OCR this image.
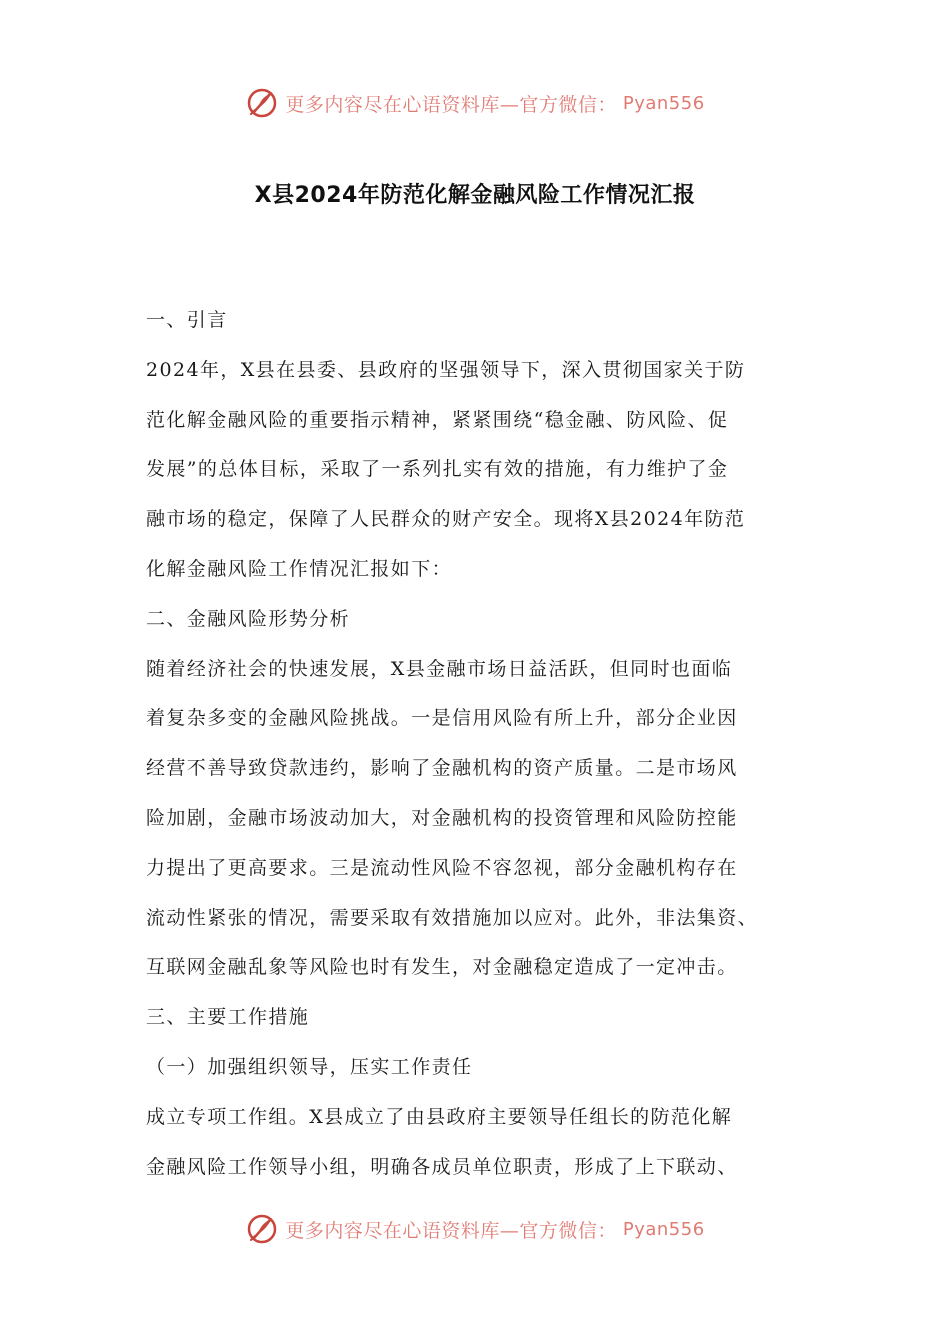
更多内容尽在心语资料库—官方微信： Pyan556
X县2024年防范化解金融风险工作情况汇报
一、引言
2024年，X县在县委、县政府的坚强领导下，深入贯彻国家关于防
范化解金融风险的重要指示精神，紧紧围绕“稳金融、防风险、促
发展”的总体目标，采取了一系列扎实有效的措施，有力维护了金
融市场的稳定，保障了人民群众的财产安全。现将X县2024年防范
化解金融风险工作情况汇报如下：
二、金融风险形势分析
随着经济社会的快速发展，X县金融市场日益活跃，但同时也面临
着复杂多变的金融风险挑战。一是信用风险有所上升，部分企业因
经营不善导致贷款违约，影响了金融机构的资产质量。二是市场风
险加剧，金融市场波动加大，对金融机构的投资管理和风险防控能
力提出了更高要求。三是流动性风险不容忽视，部分金融机构存在
流动性紧张的情况，需要采取有效措施加以应对。此外，非法集资、
互联网金融乱象等风险也时有发生，对金融稳定造成了一定冲击。
三、主要工作措施
（一）加强组织领导，压实工作责任
成立专项工作组。X县成立了由县政府主要领导任组长的防范化解
金融风险工作领导小组，明确各成员单位职责，形成了上下联动、
更多内容尽在心语资料库—官方微信： Pyan556
